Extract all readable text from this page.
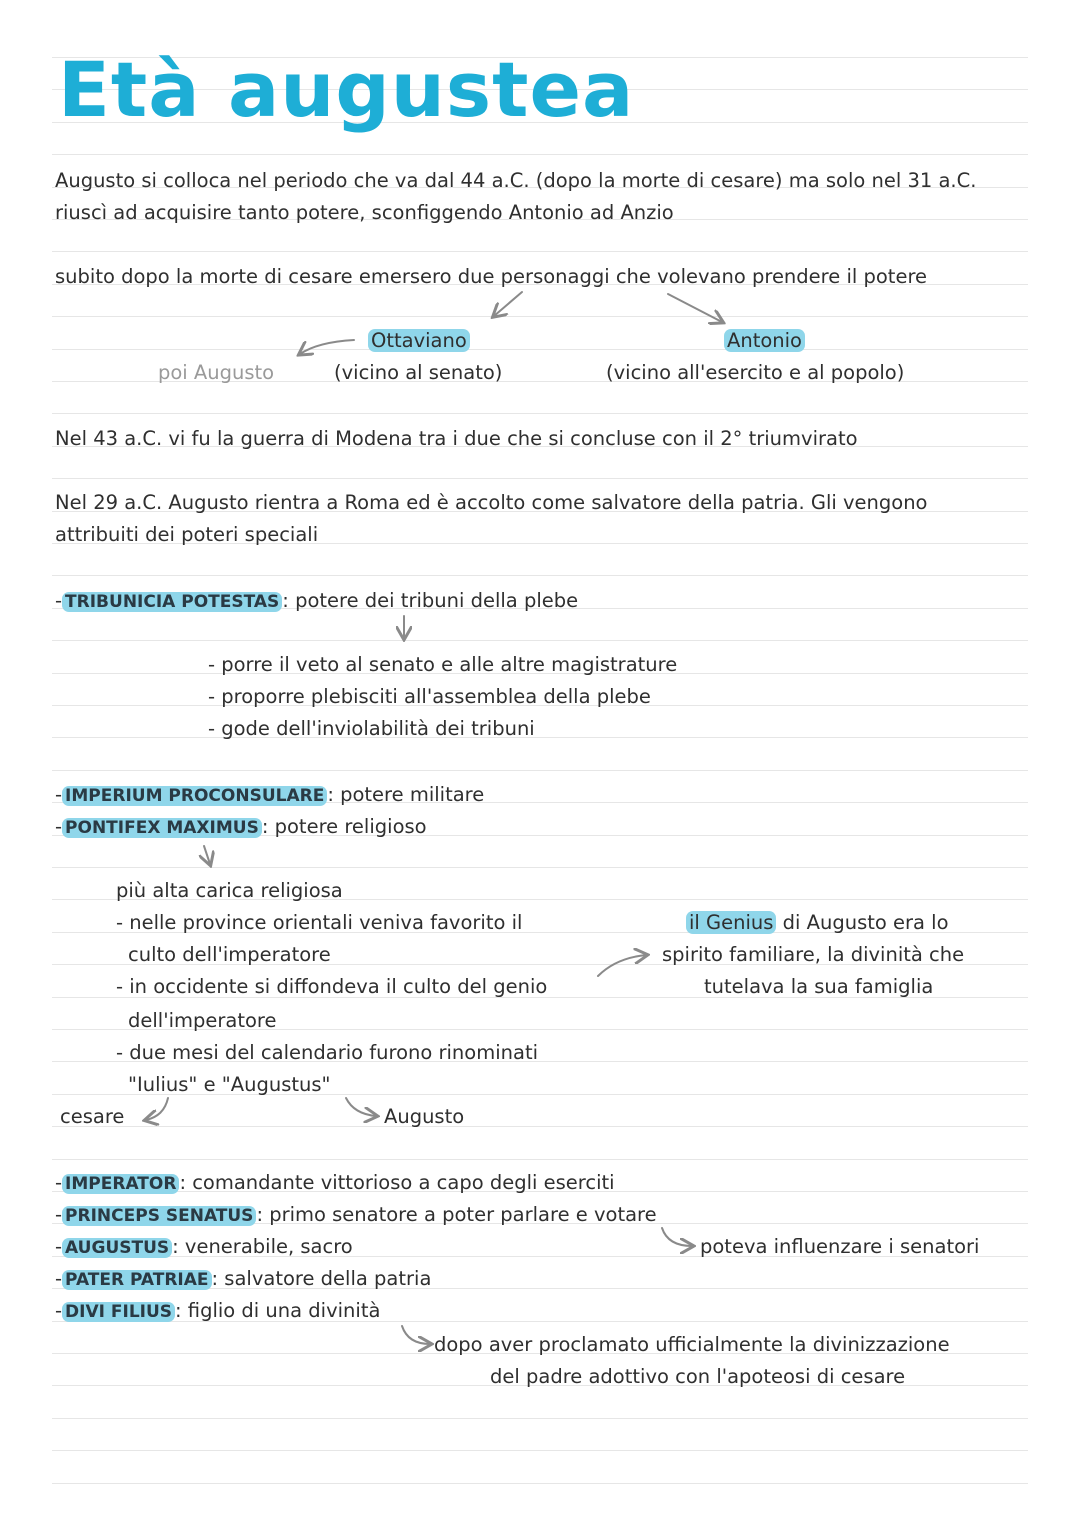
Età augustea
Augusto si colloca nel periodo che va dal 44 a.C. (dopo la morte di cesare) ma solo nel 31 a.C.
riuscì ad acquisire tanto potere, sconfiggendo Antonio ad Anzio
subito dopo la morte di cesare emersero due personaggi che volevano prendere il potere
Ottaviano	Antonio
poi Augusto	(vicino al senato)	(vicino all'esercito e al popolo)
Nel 43 a.C. vi fu la guerra di Modena tra i due che si concluse con il 2° triumvirato
Nel 29 a.C. Augusto rientra a Roma ed è accolto come salvatore della patria. Gli vengono
attribuiti dei poteri speciali
- TRIBUNICIA POTESTAS : potere dei tribuni della plebe
- porre il veto al senato e alle altre magistrature
- proporre plebisciti all'assemblea della plebe
- gode dell'inviolabilità dei tribuni
- IMPERIUM PROCONSULARE : potere militare
- PONTIFEX MAXIMUS : potere religioso
più alta carica religiosa
- nelle province orientali veniva favorito il
culto dell'imperatore
- in occidente si diffondeva il culto del genio
dell'imperatore
- due mesi del calendario furono rinominati
"Iulius" e "Augustus"
cesare	Augusto
il Genius di Augusto era lo
spirito familiare, la divinità che
tutelava la sua famiglia
- IMPERATOR : comandante vittorioso a capo degli eserciti
- PRINCEPS SENATUS : primo senatore a poter parlare e votare
- AUGUSTUS : venerabile, sacro
- PATER PATRIAE : salvatore della patria
- DIVI FILIUS : figlio di una divinità
poteva influenzare i senatori
dopo aver proclamato ufficialmente la divinizzazione
del padre adottivo con l'apoteosi di cesare
